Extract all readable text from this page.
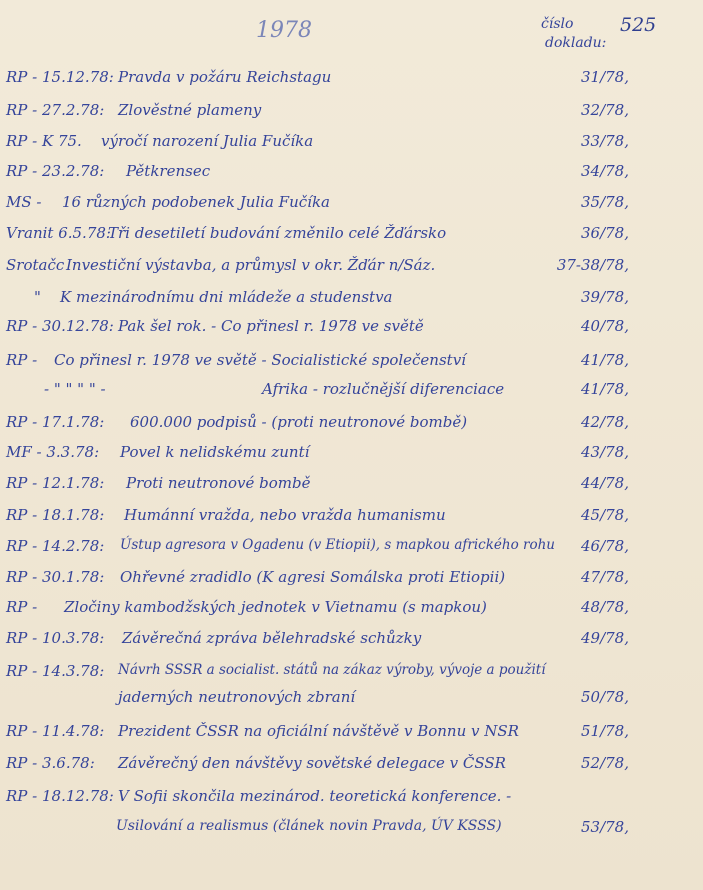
1978	525
číslo
dokladu:
RP - 15.12.78: Pravda v požáru Reichstagu	31/78,
RP - 27.2.78: Zlověstné plameny	32/78,
RP - K 75. výročí narození Julia Fučíka	33/78,
RP - 23.2.78: Pětkrensec	34/78,
MS - 16 různých podobenek Julia Fučíka	35/78,
Vranit 6.5.78:
Tři desetiletí budování změnilo celé Žďársko	36/78,
Srotačc Investiční výstavba, a průmysl v okr. Žďár n/Sáz.	37-38/78,
" K mezinárodnímu dni mládeže a studenstva	39/78,
RP - 30.12.78: Pak šel rok. - Co přinesl r. 1978 ve světě	40/78,
RP - Co přinesl r. 1978 ve světě - Socialistické společenství	41/78,
- " " " " -	Afrika - rozlučnější diferenciace	41/78,
RP - 17.1.78: 600.000 podpisů - (proti neutronové bombě)	42/78,
MF - 3.3.78: Povel k nelidskému zuntí	43/78,
RP - 12.1.78: Proti neutronové bombě	44/78,
RP - 18.1.78: Humánní vražda, nebo vražda humanismu	45/78,
RP - 14.2.78: Ústup agresora v Ogadenu (v Etiopii), s mapkou afrického rohu 46/78,
RP - 30.1.78: Ohřevné zradidlo (K agresi Somálska proti Etiopii)	47/78,
RP - Zločiny kambodžských jednotek v Vietnamu (s mapkou)	48/78,
RP - 10.3.78: Závěrečná zpráva bělehradské schůzky	49/78,
RP - 14.3.78: Návrh SSSR a socialist. států na zákaz výroby, vývoje a použití
jaderných neutronových zbraní	50/78,
RP - 11.4.78: Prezident ČSSR na oficiální návštěvě v Bonnu v NSR	51/78,
RP - 3.6.78: Závěrečný den návštěvy sovětské delegace v ČSSR	52/78,
RP - 18.12.78: V Sofii skončila mezinárod. teoretická konference. -
Usilování a realismus (článek novin Pravda, ÚV KSSS)	53/78,
